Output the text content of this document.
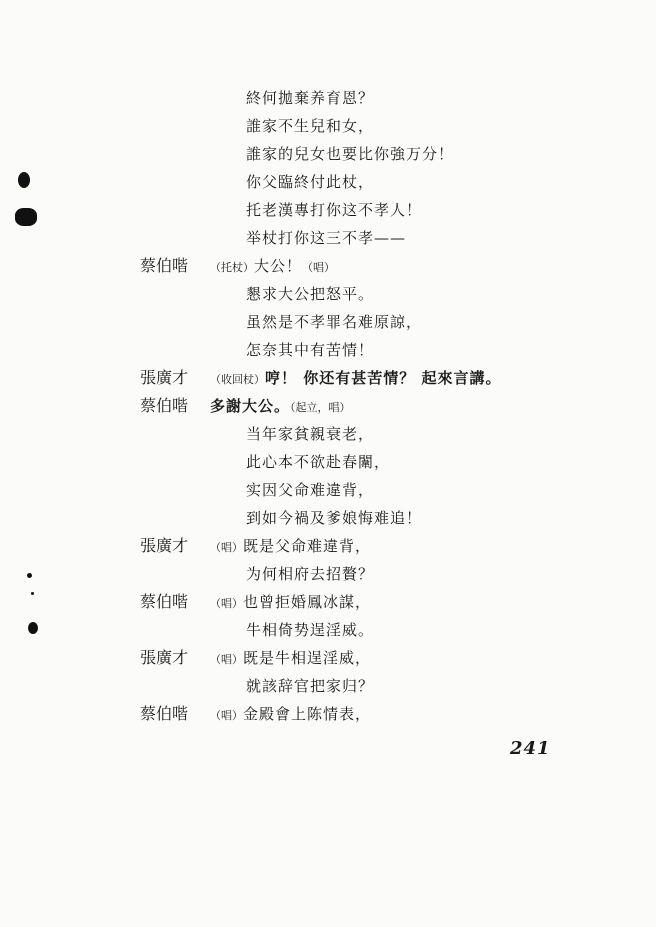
終何拋棄养育恩？
誰家不生兒和女，
誰家的兒女也要比你強万分！
你父臨終付此杖，
托老漢專打你这不孝人！
举杖打你这三不孝——
蔡伯喈 （托杖）大公！（唱）
懇求大公把怒平。
虽然是不孝罪名难原諒，
怎奈其中有苦情！
張廣才 （收回杖）哼！ 你还有甚苦情？ 起來言講。
蔡伯喈 多謝大公。（起立，唱）
当年家貧親衰老，
此心本不欲赴春闈，
实因父命难違背，
到如今禍及爹娘悔难追！
張廣才 （唱）既是父命难違背，
为何相府去招贅？
蔡伯喈 （唱）也曾拒婚鳳冰謀，
牛相倚势逞淫威。
張廣才 （唱）既是牛相逞淫威，
就該辞官把家归？
蔡伯喈 （唱）金殿會上陈情表，
241
